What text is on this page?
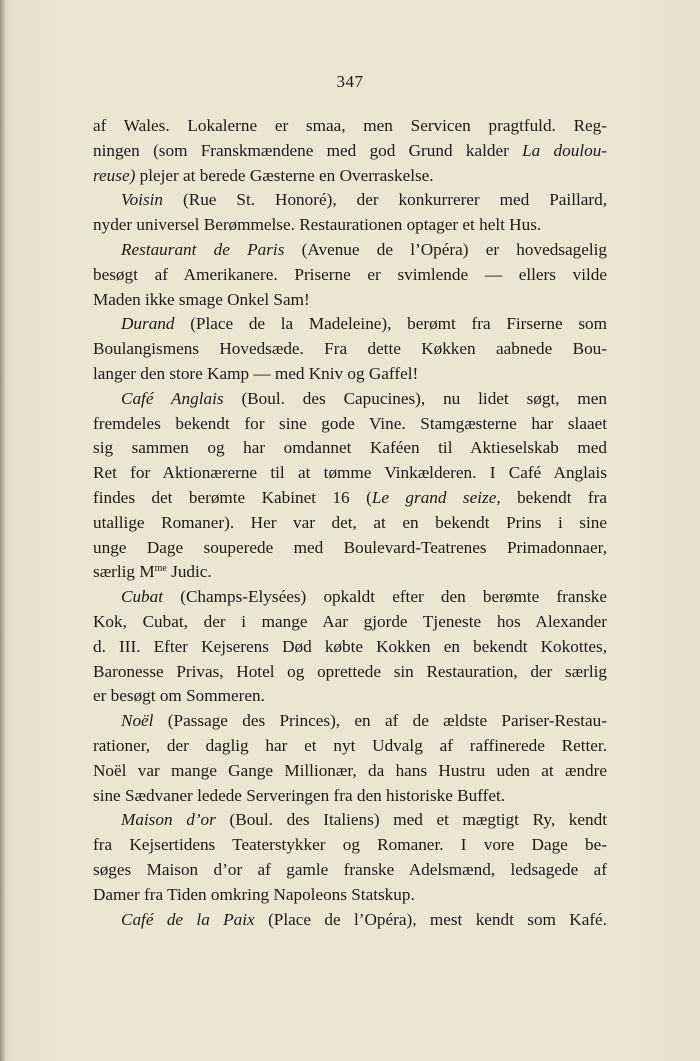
347
af Wales. Lokalerne er smaa, men Servicen pragtfuld. Reg-
ningen (som Franskmændene med god Grund kalder La doulou-
reuse) plejer at berede Gæsterne en Overraskelse.
Voisin (Rue St. Honoré), der konkurrerer med Paillard,
nyder universel Berømmelse. Restaurationen optager et helt Hus.
Restaurant de Paris (Avenue de l’Opéra) er hovedsagelig
besøgt af Amerikanere. Priserne er svimlende — ellers vilde
Maden ikke smage Onkel Sam!
Durand (Place de la Madeleine), berømt fra Firserne som
Boulangismens Hovedsæde. Fra dette Køkken aabnede Bou-
langer den store Kamp — med Kniv og Gaffel!
Café Anglais (Boul. des Capucines), nu lidet søgt, men
fremdeles bekendt for sine gode Vine. Stamgæsterne har slaaet
sig sammen og har omdannet Kaféen til Aktieselskab med
Ret for Aktionærerne til at tømme Vinkælderen. I Café Anglais
findes det berømte Kabinet 16 (Le grand seize, bekendt fra
utallige Romaner). Her var det, at en bekendt Prins i sine
unge Dage souperede med Boulevard-Teatrenes Primadonnaer,
særlig $M^{me}$ Judic.
Cubat (Champs-Elysées) opkaldt efter den berømte franske
Kok, Cubat, der i mange Aar gjorde Tjeneste hos Alexander
d. III. Efter Kejserens Død købte Kokken en bekendt Kokottes,
Baronesse Privas, Hotel og oprettede sin Restauration, der særlig
er besøgt om Sommeren.
Noël (Passage des Princes), en af de ældste Pariser-Restau-
rationer, der daglig har et nyt Udvalg af raffinerede Retter.
Noël var mange Gange Millionær, da hans Hustru uden at ændre
sine Sædvaner ledede Serveringen fra den historiske Buffet.
Maison d’or (Boul. des Italiens) med et mægtigt Ry, kendt
fra Kejsertidens Teaterstykker og Romaner. I vore Dage be-
søges Maison d’or af gamle franske Adelsmænd, ledsagede af
Damer fra Tiden omkring Napoleons Statskup.
Café de la Paix (Place de l’Opéra), mest kendt som Kafé.
